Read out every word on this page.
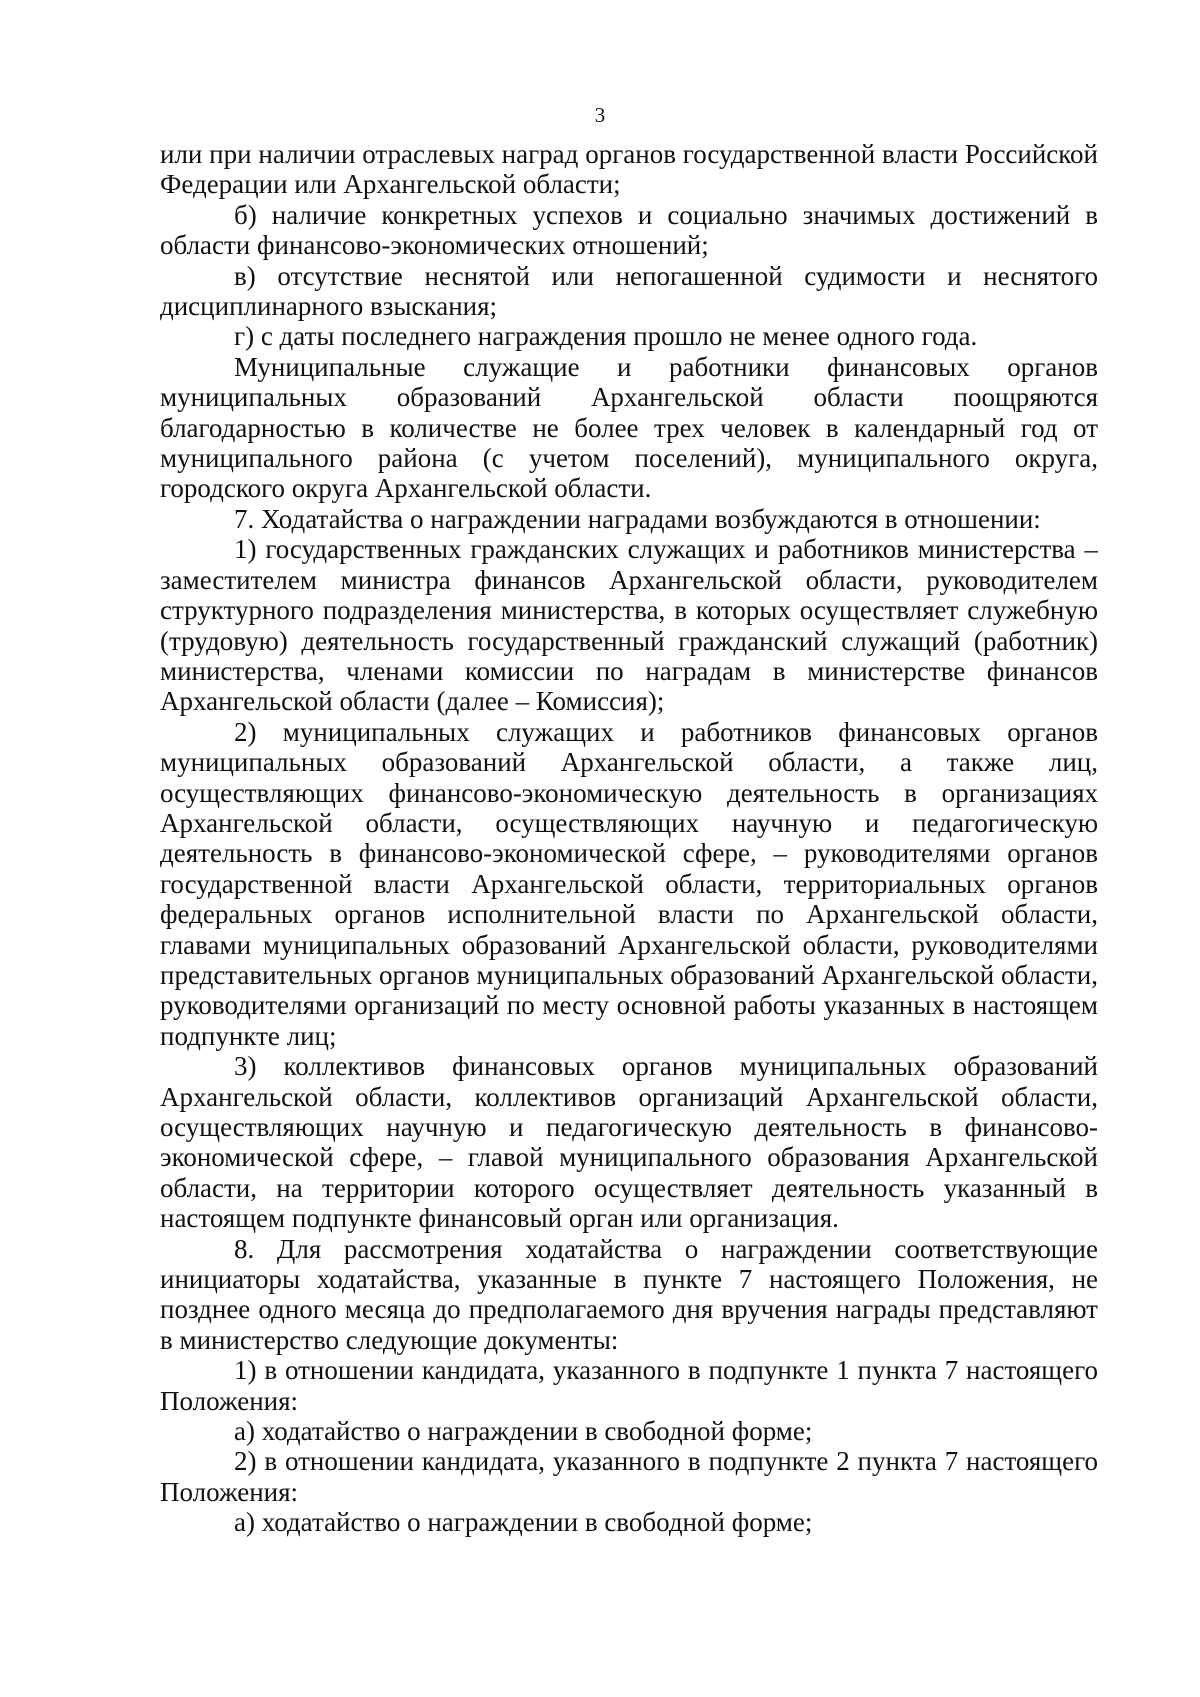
3

или при наличии отраслевых наград органов государственной власти Российской Федерации или Архангельской области;

б) наличие конкретных успехов и социально значимых достижений в области финансово-экономических отношений;

в) отсутствие неснятой или непогашенной судимости и неснятого дисциплинарного взыскания;

г) с даты последнего награждения прошло не менее одного года.

Муниципальные служащие и работники финансовых органов муниципальных образований Архангельской области поощряются благодарностью в количестве не более трех человек в календарный год от муниципального района (с учетом поселений), муниципального округа, городского округа Архангельской области.

7. Ходатайства о награждении наградами возбуждаются в отношении:

1) государственных гражданских служащих и работников министерства – заместителем министра финансов Архангельской области, руководителем структурного подразделения министерства, в которых осуществляет служебную (трудовую) деятельность государственный гражданский служащий (работник) министерства, членами комиссии по наградам в министерстве финансов Архангельской области (далее – Комиссия);

2) муниципальных служащих и работников финансовых органов муниципальных образований Архангельской области, а также лиц, осуществляющих финансово-экономическую деятельность в организациях Архангельской области, осуществляющих научную и педагогическую деятельность в финансово-экономической сфере, – руководителями органов государственной власти Архангельской области, территориальных органов федеральных органов исполнительной власти по Архангельской области, главами муниципальных образований Архангельской области, руководителями представительных органов муниципальных образований Архангельской области, руководителями организаций по месту основной работы указанных в настоящем подпункте лиц;

3) коллективов финансовых органов муниципальных образований Архангельской области, коллективов организаций Архангельской области, осуществляющих научную и педагогическую деятельность в финансово-экономической сфере, – главой муниципального образования Архангельской области, на территории которого осуществляет деятельность указанный в настоящем подпункте финансовый орган или организация.

8. Для рассмотрения ходатайства о награждении соответствующие инициаторы ходатайства, указанные в пункте 7 настоящего Положения, не позднее одного месяца до предполагаемого дня вручения награды представляют в министерство следующие документы:

1) в отношении кандидата, указанного в подпункте 1 пункта 7 настоящего Положения:

а) ходатайство о награждении в свободной форме;

2) в отношении кандидата, указанного в подпункте 2 пункта 7 настоящего Положения:

а) ходатайство о награждении в свободной форме;
